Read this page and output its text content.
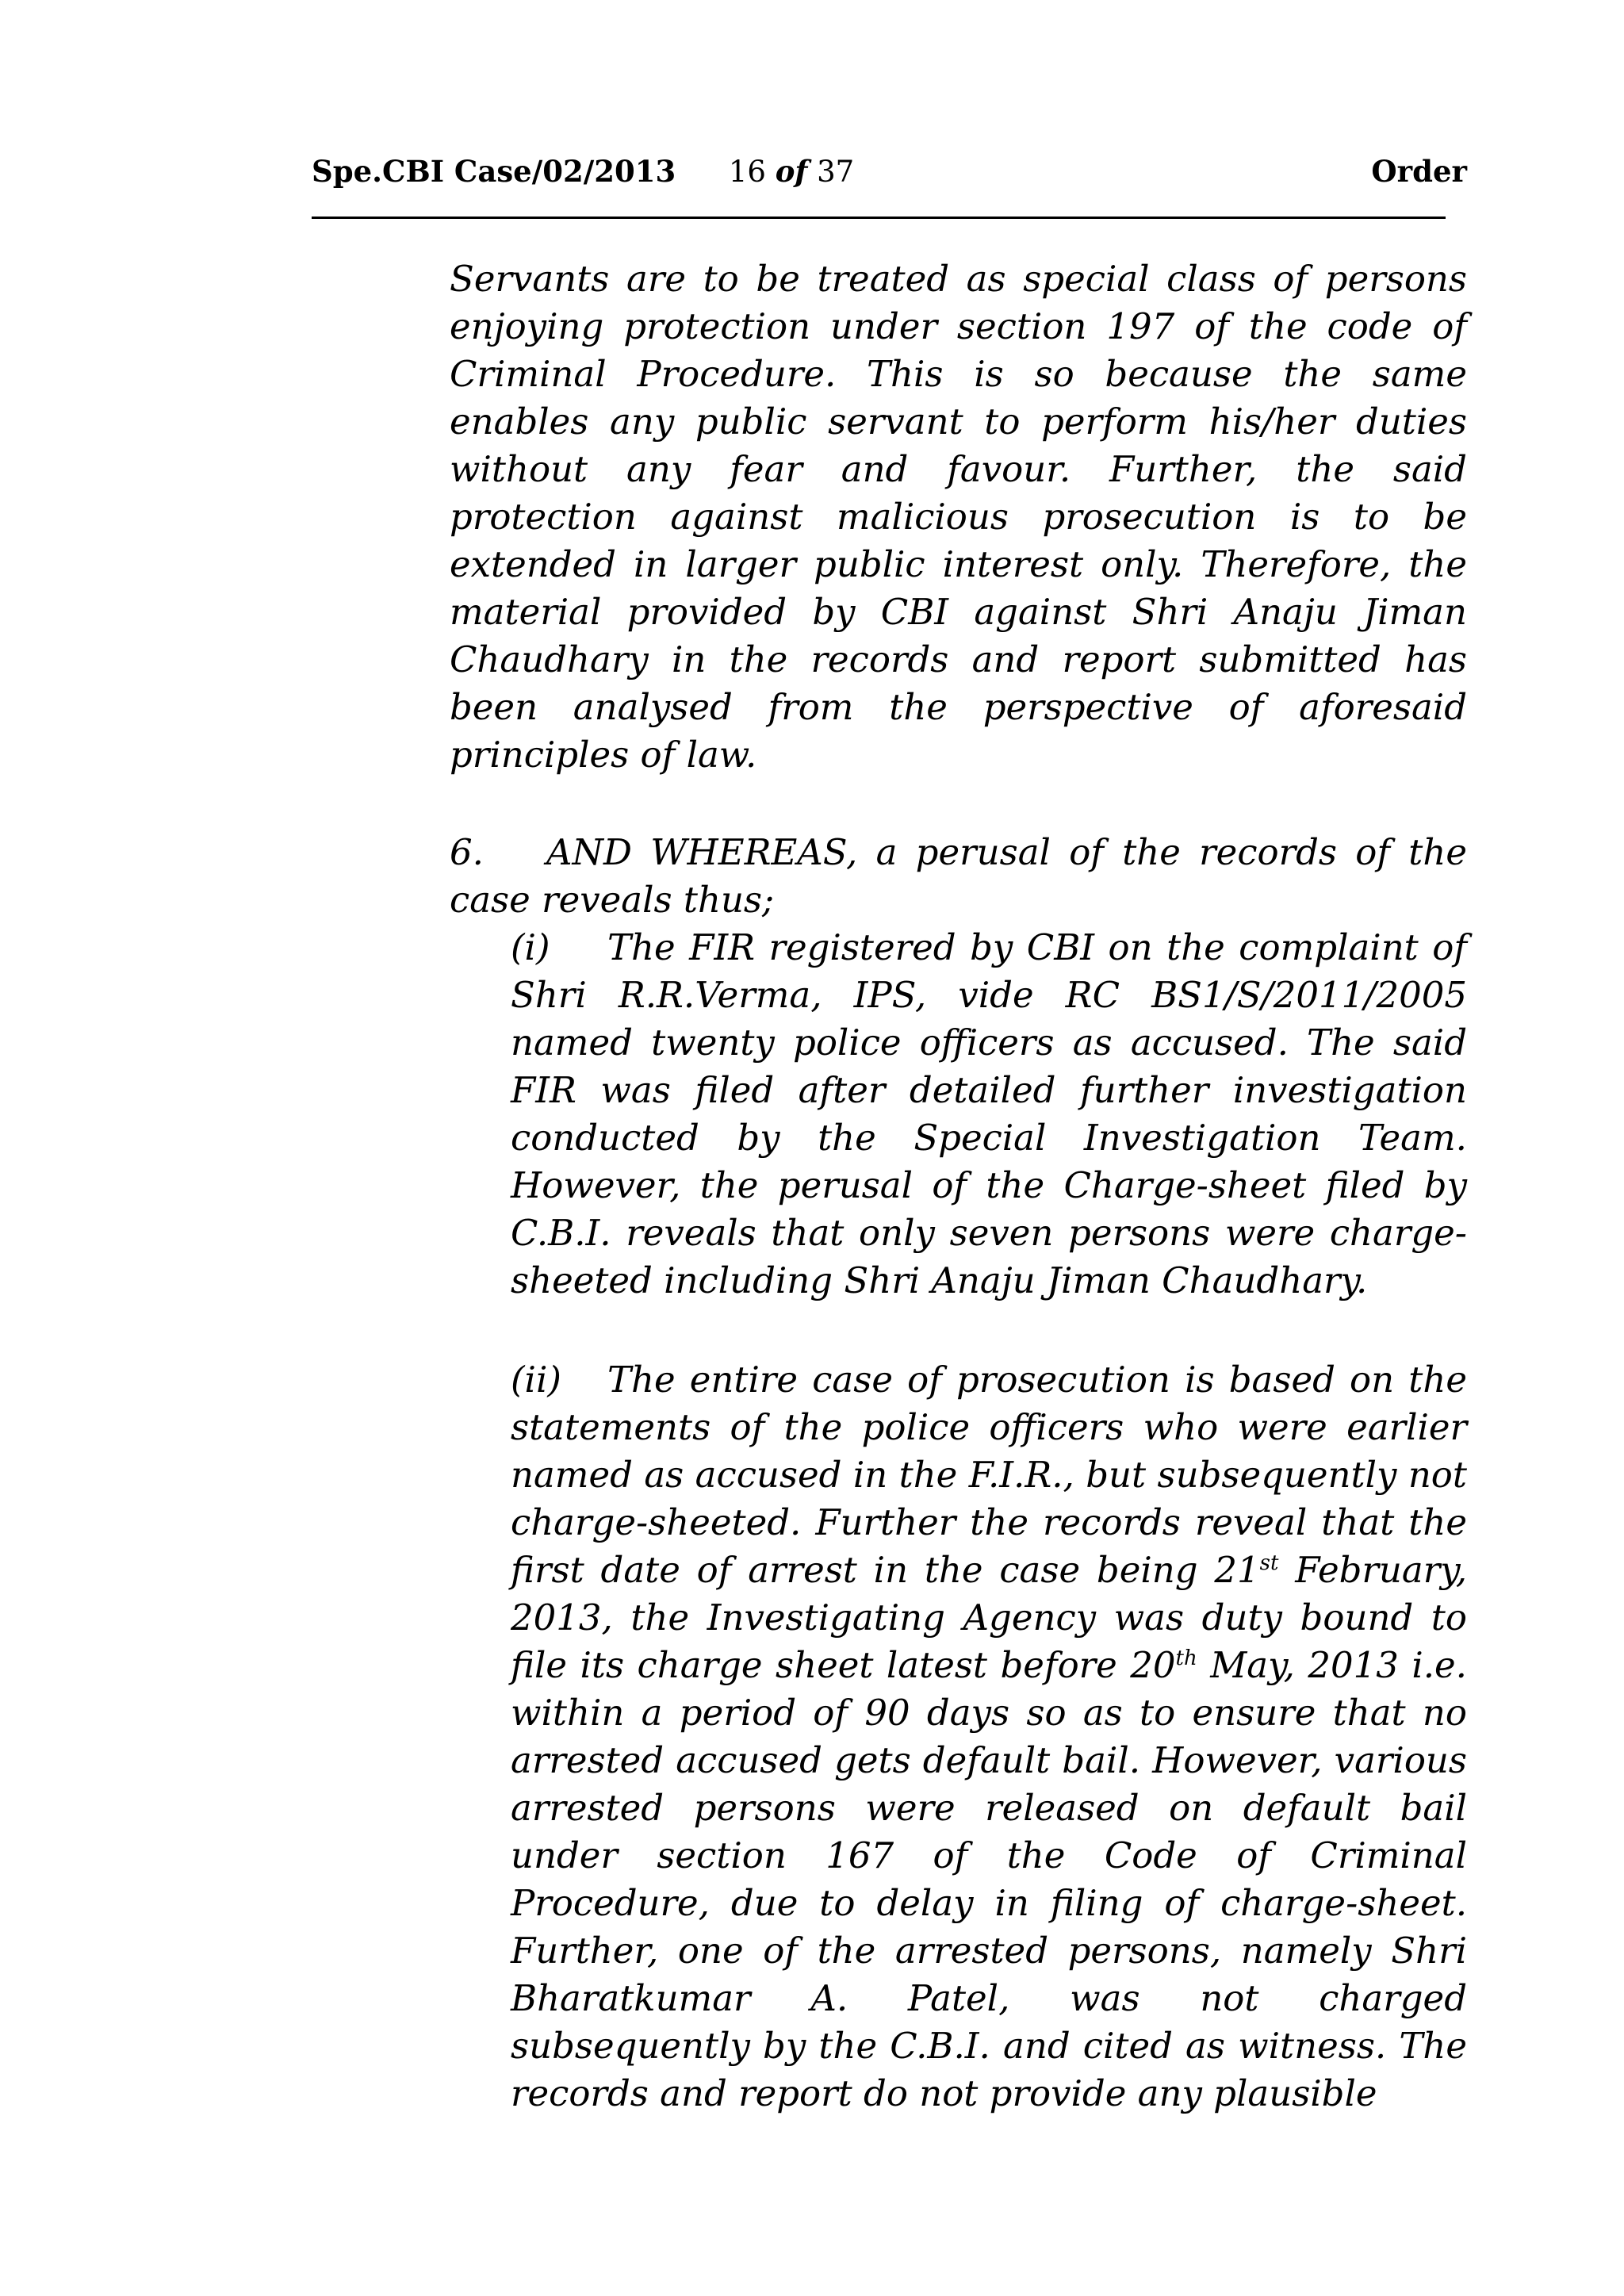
Spe.CBI Case/02/2013	16 of 37	Order

Servants are to be treated as special class of persons enjoying protection under section 197 of the code of Criminal Procedure. This is so because the same enables any public servant to perform his/her duties without any fear and favour. Further, the said protection against malicious prosecution is to be extended in larger public interest only. Therefore, the material provided by CBI against Shri Anaju Jiman Chaudhary in the records and report submitted has been analysed from the perspective of aforesaid principles of law.

6. AND WHEREAS, a perusal of the records of the case reveals thus;

(i) The FIR registered by CBI on the complaint of Shri R.R.Verma, IPS, vide RC BS1/S/2011/2005 named twenty police officers as accused. The said FIR was filed after detailed further investigation conducted by the Special Investigation Team. However, the perusal of the Charge-sheet filed by C.B.I. reveals that only seven persons were charge-sheeted including Shri Anaju Jiman Chaudhary.

(ii) The entire case of prosecution is based on the statements of the police officers who were earlier named as accused in the F.I.R., but subsequently not charge-sheeted. Further the records reveal that the first date of arrest in the case being 21st February, 2013, the Investigating Agency was duty bound to file its charge sheet latest before 20th May, 2013 i.e. within a period of 90 days so as to ensure that no arrested accused gets default bail. However, various arrested persons were released on default bail under section 167 of the Code of Criminal Procedure, due to delay in filing of charge-sheet. Further, one of the arrested persons, namely Shri Bharatkumar A. Patel, was not charged subsequently by the C.B.I. and cited as witness. The records and report do not provide any plausible
